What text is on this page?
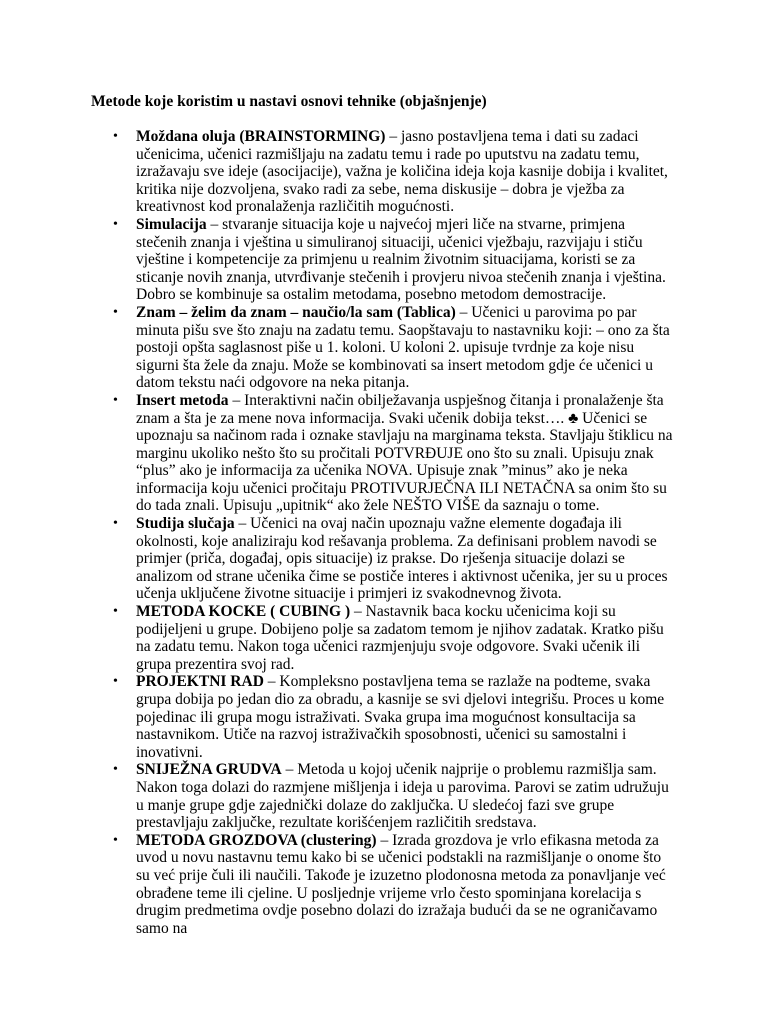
Metode koje koristim u nastavi osnovi tehnike (objašnjenje)
• Moždana oluja (BRAINSTORMING) – jasno postavljena tema i dati su zadaci učenicima, učenici razmišljaju na zadatu temu i rade po uputstvu na zadatu temu, izražavaju sve ideje (asocijacije), važna je količina ideja koja kasnije dobija i kvalitet, kritika nije dozvoljena, svako radi za sebe, nema diskusije – dobra je vježba za kreativnost kod pronalaženja različitih mogućnosti.
• Simulacija – stvaranje situacija koje u najvećoj mjeri liče na stvarne, primjena stečenih znanja i vještina u simuliranoj situaciji, učenici vježbaju, razvijaju i stiču vještine i kompetencije za primjenu u realnim životnim situacijama, koristi se za sticanje novih znanja, utvrđivanje stečenih i provjeru nivoa stečenih znanja i vještina. Dobro se kombinuje sa ostalim metodama, posebno metodom demostracije.
• Znam – želim da znam – naučio/la sam (Tablica) – Učenici u parovima po par minuta pišu sve što znaju na zadatu temu. Saopštavaju to nastavniku koji: – ono za šta postoji opšta saglasnost piše u 1. koloni. U koloni 2. upisuje tvrdnje za koje nisu sigurni šta žele da znaju. Može se kombinovati sa insert metodom gdje će učenici u datom tekstu naći odgovore na neka pitanja.
• Insert metoda – Interaktivni način obilježavanja uspješnog čitanja i pronalaženje šta znam a šta je za mene nova informacija. Svaki učenik dobija tekst…. ♣ Učenici se upoznaju sa načinom rada i oznake stavljaju na marginama teksta. Stavljaju štiklicu na marginu ukoliko nešto što su pročitali POTVRĐUJE ono što su znali. Upisuju znak “plus” ako je informacija za učenika NOVA. Upisuje znak ”minus” ako je neka informacija koju učenici pročitaju PROTIVURJEČNA ILI NETAČNA sa onim što su do tada znali. Upisuju „upitnik“ ako žele NEŠTO VIŠE da saznaju o tome.
• Studija slučaja – Učenici na ovaj način upoznaju važne elemente događaja ili okolnosti, koje analiziraju kod rešavanja problema. Za definisani problem navodi se primjer (priča, događaj, opis situacije) iz prakse. Do rješenja situacije dolazi se analizom od strane učenika čime se postiče interes i aktivnost učenika, jer su u proces učenja uključene životne situacije i primjeri iz svakodnevnog života.
• METODA KOCKE ( CUBING ) – Nastavnik baca kocku učenicima koji su podijeljeni u grupe. Dobijeno polje sa zadatom temom je njihov zadatak. Kratko pišu na zadatu temu. Nakon toga učenici razmjenjuju svoje odgovore. Svaki učenik ili grupa prezentira svoj rad.
• PROJEKTNI RAD – Kompleksno postavljena tema se razlaže na podteme, svaka grupa dobija po jedan dio za obradu, a kasnije se svi djelovi integrišu. Proces u kome pojedinac ili grupa mogu istraživati. Svaka grupa ima mogućnost konsultacija sa nastavnikom. Utiče na razvoj istraživačkih sposobnosti, učenici su samostalni i inovativni.
• SNIJEŽNA GRUDVA – Metoda u kojoj učenik najprije o problemu razmišlja sam. Nakon toga dolazi do razmjene mišljenja i ideja u parovima. Parovi se zatim udružuju u manje grupe gdje zajednički dolaze do zaključka. U sledećoj fazi sve grupe prestavljaju zaključke, rezultate korišćenjem različitih sredstava.
• METODA GROZDOVA (clustering) – Izrada grozdova je vrlo efikasna metoda za uvod u novu nastavnu temu kako bi se učenici podstakli na razmišljanje o onome što su već prije čuli ili naučili. Takođe je izuzetno plodonosna metoda za ponavljanje već obrađene teme ili cjeline. U posljednje vrijeme vrlo često spominjana korelacija s drugim predmetima ovdje posebno dolazi do izražaja budući da se ne ograničavamo samo na
